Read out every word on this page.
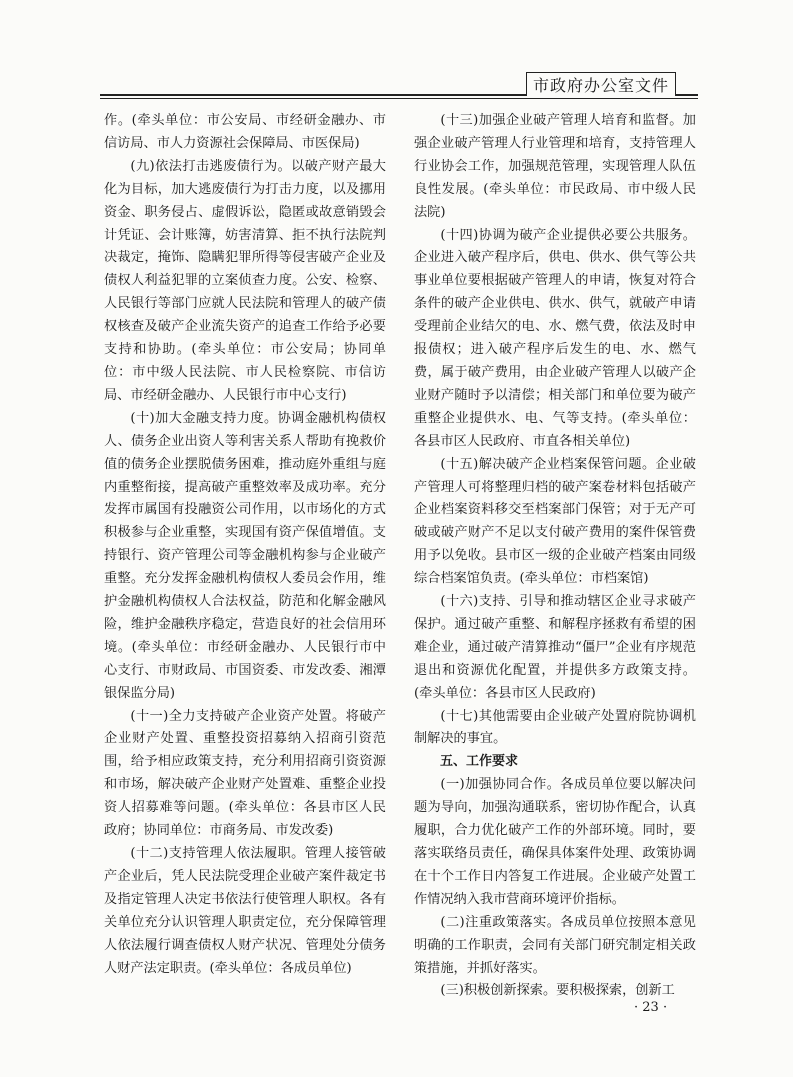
市政府办公室文件

作。(牵头单位：市公安局、市经研金融办、市信访局、市人力资源社会保障局、市医保局)

(九)依法打击逃废债行为。以破产财产最大化为目标，加大逃废债行为打击力度，以及挪用资金、职务侵占、虚假诉讼，隐匿或故意销毁会计凭证、会计账簿，妨害清算、拒不执行法院判决裁定，掩饰、隐瞒犯罪所得等侵害破产企业及债权人利益犯罪的立案侦查力度。公安、检察、人民银行等部门应就人民法院和管理人的破产债权核查及破产企业流失资产的追查工作给予必要支持和协助。(牵头单位：市公安局；协同单位：市中级人民法院、市人民检察院、市信访局、市经研金融办、人民银行市中心支行)

(十)加大金融支持力度。协调金融机构债权人、债务企业出资人等利害关系人帮助有挽救价值的债务企业摆脱债务困难，推动庭外重组与庭内重整衔接，提高破产重整效率及成功率。充分发挥市属国有投融资公司作用，以市场化的方式积极参与企业重整，实现国有资产保值增值。支持银行、资产管理公司等金融机构参与企业破产重整。充分发挥金融机构债权人委员会作用，维护金融机构债权人合法权益，防范和化解金融风险，维护金融秩序稳定，营造良好的社会信用环境。(牵头单位：市经研金融办、人民银行市中心支行、市财政局、市国资委、市发改委、湘潭银保监分局)

(十一)全力支持破产企业资产处置。将破产企业财产处置、重整投资招募纳入招商引资范围，给予相应政策支持，充分利用招商引资资源和市场，解决破产企业财产处置难、重整企业投资人招募难等问题。(牵头单位：各县市区人民政府；协同单位：市商务局、市发改委)

(十二)支持管理人依法履职。管理人接管破产企业后，凭人民法院受理企业破产案件裁定书及指定管理人决定书依法行使管理人职权。各有关单位充分认识管理人职责定位，充分保障管理人依法履行调查债权人财产状况、管理处分债务人财产法定职责。(牵头单位：各成员单位)

(十三)加强企业破产管理人培育和监督。加强企业破产管理人行业管理和培育，支持管理人行业协会工作，加强规范管理，实现管理人队伍良性发展。(牵头单位：市民政局、市中级人民法院)

(十四)协调为破产企业提供必要公共服务。企业进入破产程序后，供电、供水、供气等公共事业单位要根据破产管理人的申请，恢复对符合条件的破产企业供电、供水、供气，就破产申请受理前企业结欠的电、水、燃气费，依法及时申报债权；进入破产程序后发生的电、水、燃气费，属于破产费用，由企业破产管理人以破产企业财产随时予以清偿；相关部门和单位要为破产重整企业提供水、电、气等支持。(牵头单位：各县市区人民政府、市直各相关单位)

(十五)解决破产企业档案保管问题。企业破产管理人可将整理归档的破产案卷材料包括破产企业档案资料移交至档案部门保管；对于无产可破或破产财产不足以支付破产费用的案件保管费用予以免收。县市区一级的企业破产档案由同级综合档案馆负责。(牵头单位：市档案馆)

(十六)支持、引导和推动辖区企业寻求破产保护。通过破产重整、和解程序拯救有希望的困难企业，通过破产清算推动“僵尸”企业有序规范退出和资源优化配置，并提供多方政策支持。(牵头单位：各县市区人民政府)

(十七)其他需要由企业破产处置府院协调机制解决的事宜。

五、工作要求

(一)加强协同合作。各成员单位要以解决问题为导向，加强沟通联系，密切协作配合，认真履职，合力优化破产工作的外部环境。同时，要落实联络员责任，确保具体案件处理、政策协调在十个工作日内答复工作进展。企业破产处置工作情况纳入我市营商环境评价指标。

(二)注重政策落实。各成员单位按照本意见明确的工作职责，会同有关部门研究制定相关政策措施，并抓好落实。

(三)积极创新探索。要积极探索，创新工

· 23 ·
